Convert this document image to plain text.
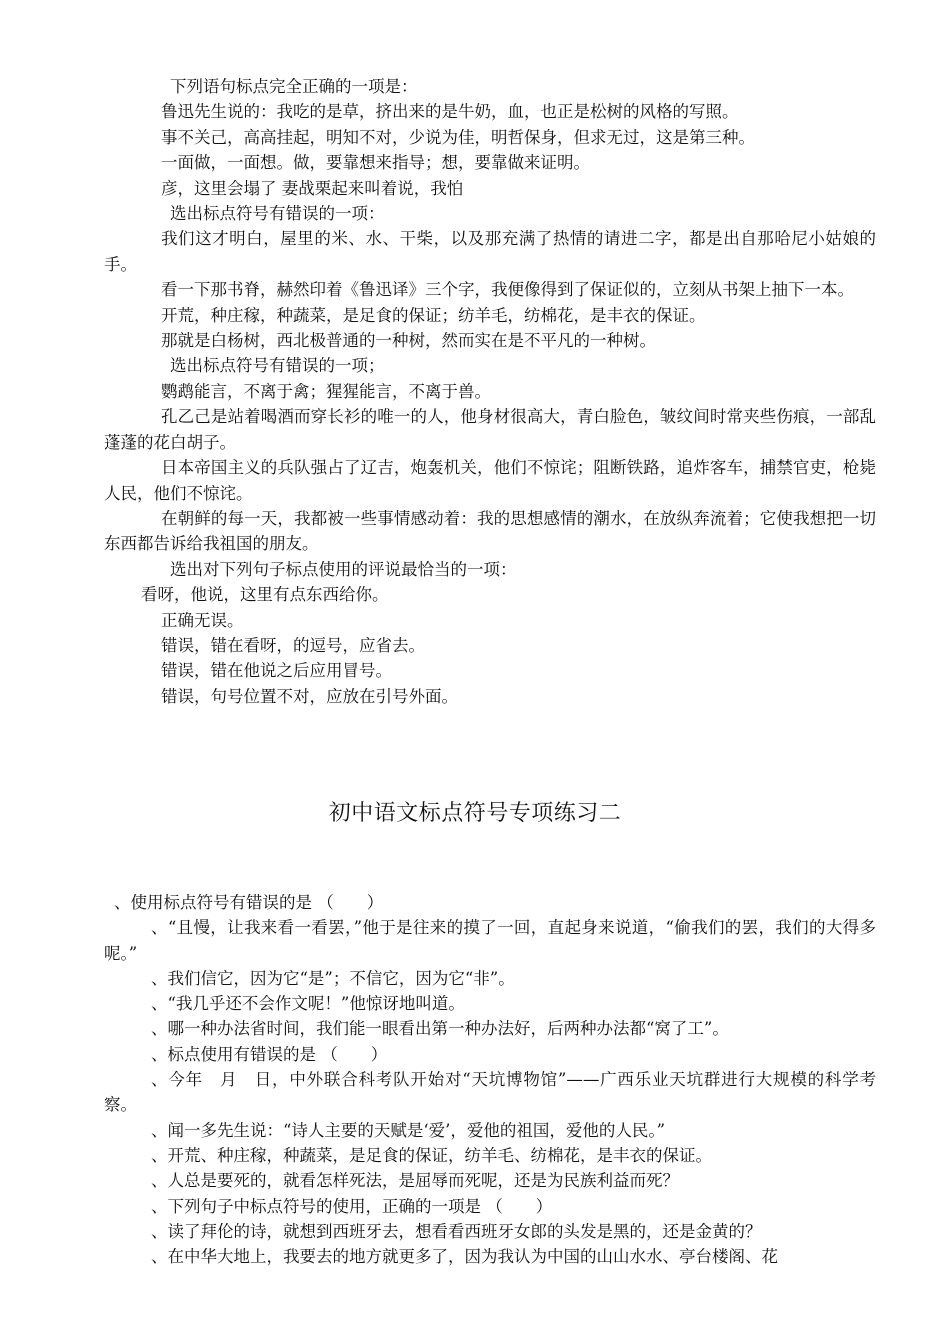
下列语句标点完全正确的一项是：
鲁迅先生说的：我吃的是草，挤出来的是牛奶，血，也正是松树的风格的写照。
事不关己，高高挂起，明知不对，少说为佳，明哲保身，但求无过，这是第三种。
一面做，一面想。做，要靠想来指导；想，要靠做来证明。
彦，这里会塌了 妻战栗起来叫着说，我怕
选出标点符号有错误的一项：
我们这才明白，屋里的米、水、干柴，以及那充满了热情的请进二字，都是出自那哈尼小姑娘的手。
看一下那书脊，赫然印着《鲁迅译》三个字，我便像得到了保证似的，立刻从书架上抽下一本。
开荒，种庄稼，种蔬菜，是足食的保证；纺羊毛，纺棉花，是丰衣的保证。
那就是白杨树，西北极普通的一种树，然而实在是不平凡的一种树。
选出标点符号有错误的一项；
鹦鹉能言，不离于禽；猩猩能言，不离于兽。
孔乙己是站着喝酒而穿长衫的唯一的人，他身材很高大，青白脸色，皱纹间时常夹些伤痕，一部乱蓬蓬的花白胡子。
日本帝国主义的兵队强占了辽吉，炮轰机关，他们不惊诧；阻断铁路，追炸客车，捕禁官吏，枪毙人民，他们不惊诧。
在朝鲜的每一天，我都被一些事情感动着：我的思想感情的潮水，在放纵奔流着；它使我想把一切东西都告诉给我祖国的朋友。
选出对下列句子标点使用的评说最恰当的一项：
看呀，他说，这里有点东西给你。
正确无误。
错误，错在看呀，的逗号，应省去。
错误，错在他说之后应用冒号。
错误，句号位置不对，应放在引号外面。
初中语文标点符号专项练习二
、使用标点符号有错误的是 （　　）
、“且慢，让我来看一看罢，”他于是往来的摸了一回，直起身来说道，“偷我们的罢，我们的大得多呢。”
、我们信它，因为它“是”；不信它，因为它“非”。
、“我几乎还不会作文呢！”他惊讶地叫道。
、哪一种办法省时间，我们能一眼看出第一种办法好，后两种办法都“窝了工”。
、标点使用有错误的是 （　　）
、今年　月　日，中外联合科考队开始对“天坑博物馆”——广西乐业天坑群进行大规模的科学考察。
、闻一多先生说：“诗人主要的天赋是‘爱’，爱他的祖国，爱他的人民。”
、开荒、种庄稼，种蔬菜，是足食的保证，纺羊毛、纺棉花，是丰衣的保证。
、人总是要死的，就看怎样死法，是屈辱而死呢，还是为民族利益而死？
、下列句子中标点符号的使用，正确的一项是 （　　）
、读了拜伦的诗，就想到西班牙去，想看看西班牙女郎的头发是黑的，还是金黄的？
、在中华大地上，我要去的地方就更多了，因为我认为中国的山山水水、亭台楼阁、花
